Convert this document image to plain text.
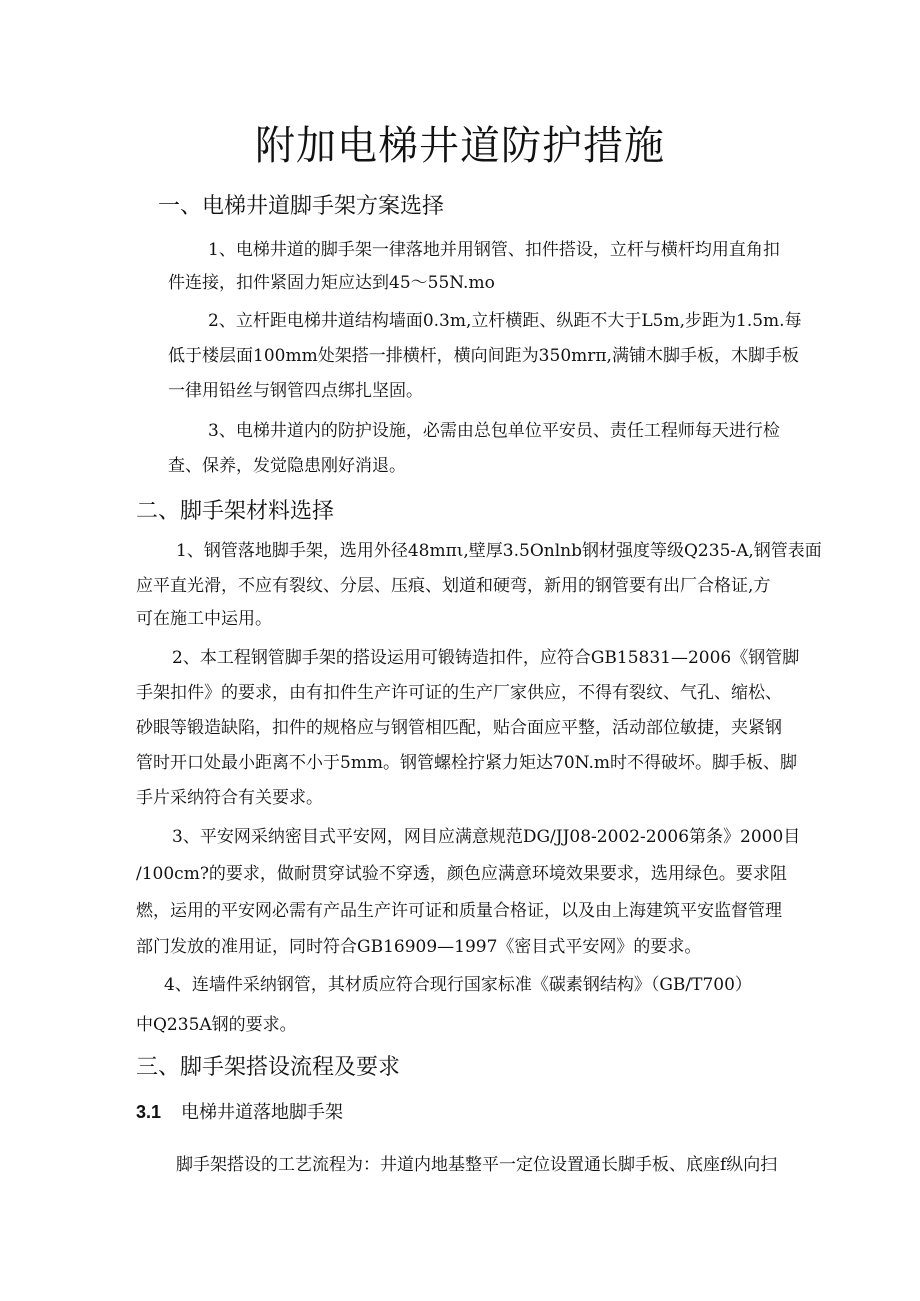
附加电梯井道防护措施
一、电梯井道脚手架方案选择
1、电梯井道的脚手架一律落地并用钢管、扣件搭设，立杆与横杆均用直角扣
件连接，扣件紧固力矩应达到45～55N.mo
2、立杆距电梯井道结构墙面0.3m,立杆横距、纵距不大于L5m,步距为1.5m.每
低于楼层面100mm处架搭一排横杆，横向间距为350mrπ,满铺木脚手板，木脚手板
一律用铅丝与钢管四点绑扎坚固。
3、电梯井道内的防护设施，必需由总包单位平安员、责任工程师每天进行检
查、保养，发觉隐患刚好消退。
二、脚手架材料选择
1、钢管落地脚手架，选用外径48mπι,壁厚3.5Onlnb钢材强度等级Q235-A,钢管表面
应平直光滑，不应有裂纹、分层、压痕、划道和硬弯，新用的钢管要有出厂合格证,方
可在施工中运用。
2、本工程钢管脚手架的搭设运用可锻铸造扣件，应符合GB15831—2006《钢管脚
手架扣件》的要求，由有扣件生产许可证的生产厂家供应，不得有裂纹、气孔、缩松、
砂眼等锻造缺陷，扣件的规格应与钢管相匹配，贴合面应平整，活动部位敏捷，夹紧钢
管时开口处最小距离不小于5mm。钢管螺栓拧紧力矩达70N.m时不得破坏。脚手板、脚
手片采纳符合有关要求。
3、平安网采纳密目式平安网，网目应满意规范DG/JJ08-2002-2006第条》2000目
/100cm?的要求，做耐贯穿试验不穿透，颜色应满意环境效果要求，选用绿色。要求阻
燃，运用的平安网必需有产品生产许可证和质量合格证，以及由上海建筑平安监督管理
部门发放的准用证，同时符合GB16909—1997《密目式平安网》的要求。
4、连墙件采纳钢管，其材质应符合现行国家标准《碳素钢结构》（GB/T700）
中Q235A钢的要求。
三、脚手架搭设流程及要求
3.1 电梯井道落地脚手架
脚手架搭设的工艺流程为：井道内地基整平一定位设置通长脚手板、底座f纵向扫
